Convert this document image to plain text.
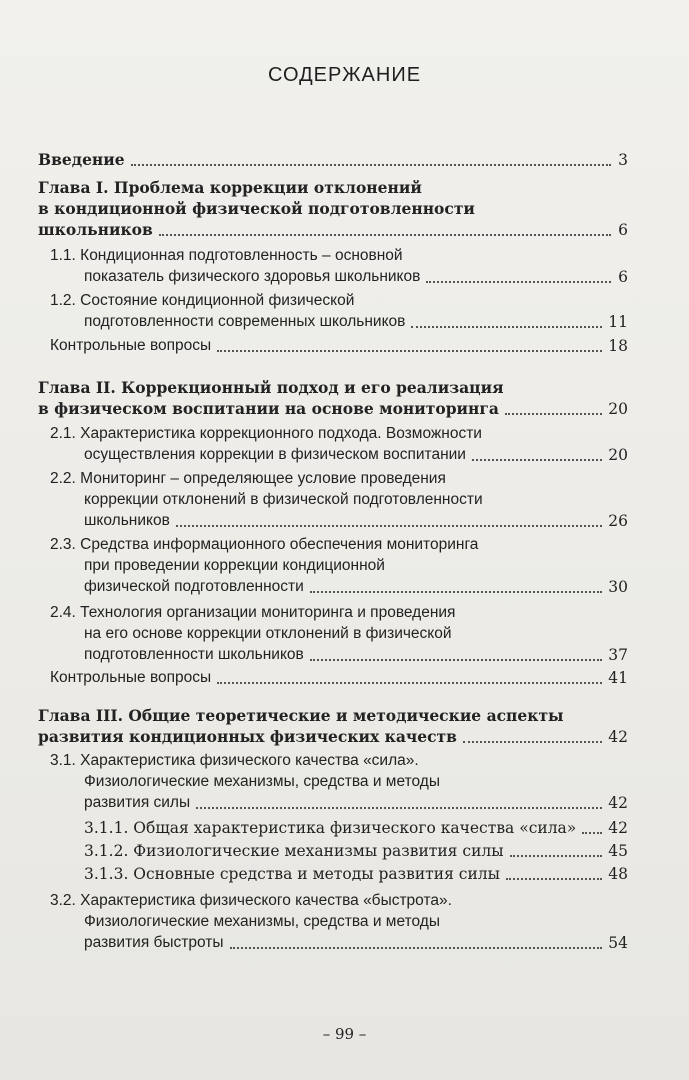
СОДЕРЖАНИЕ
Введение	3
Глава I. Проблема коррекции отклонений
в кондиционной физической подготовленности
школьников	6
1.1. Кондиционная подготовленность – основной
показатель физического здоровья школьников	6
1.2. Состояние кондиционной физической
подготовленности современных школьников	11
Контрольные вопросы	18
Глава II. Коррекционный подход и его реализация
в физическом воспитании на основе мониторинга	20
2.1. Характеристика коррекционного подхода. Возможности
осуществления коррекции в физическом воспитании	20
2.2. Мониторинг – определяющее условие проведения
коррекции отклонений в физической подготовленности
школьников	26
2.3. Средства информационного обеспечения мониторинга
при проведении коррекции кондиционной
физической подготовленности	30
2.4. Технология организации мониторинга и проведения
на его основе коррекции отклонений в физической
подготовленности школьников	37
Контрольные вопросы	41
Глава III. Общие теоретические и методические аспекты
развития кондиционных физических качеств	42
3.1. Характеристика физического качества «сила».
Физиологические механизмы, средства и методы
развития силы	42
3.1.1. Общая характеристика физического качества «сила»	42
3.1.2. Физиологические механизмы развития силы	45
3.1.3. Основные средства и методы развития силы	48
3.2. Характеристика физического качества «быстрота».
Физиологические механизмы, средства и методы
развития быстроты	54
– 99 –
